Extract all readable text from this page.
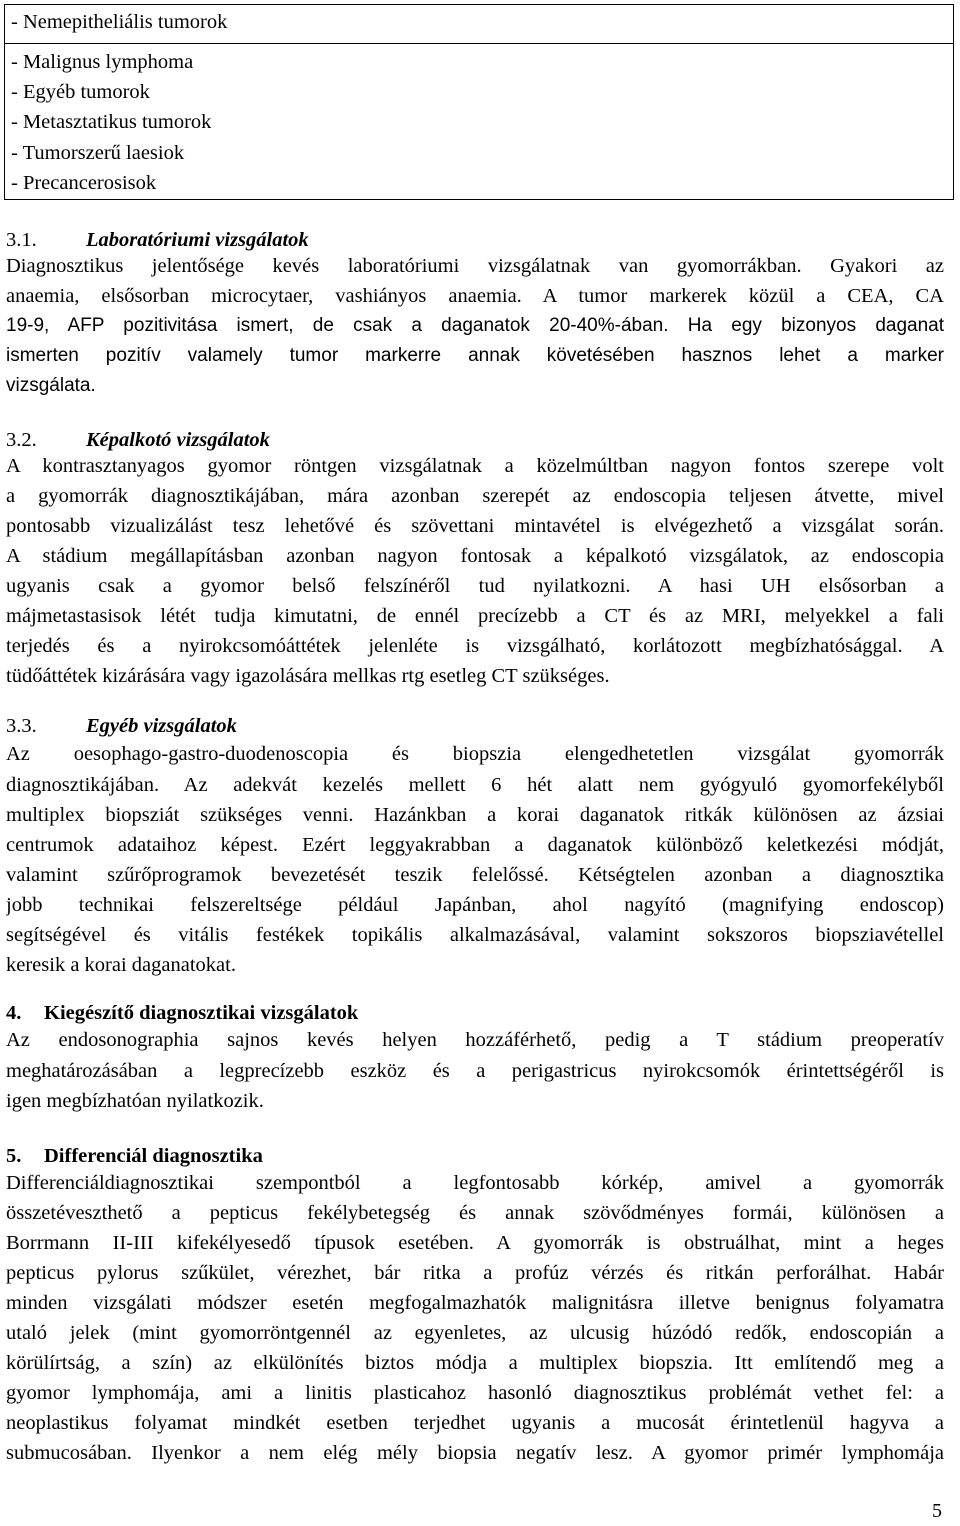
- Nemepitheliális tumorok
- Malignus lymphoma
- Egyéb tumorok
- Metasztatikus tumorok
- Tumorszerű laesiok
- Precancerosisok
3.1. Laboratóriumi vizsgálatok
Diagnosztikus jelentősége kevés laboratóriumi vizsgálatnak van gyomorrákban. Gyakori az
anaemia, elsősorban microcytaer, vashiányos anaemia. A tumor markerek közül a CEA, CA
19-9, AFP pozitivitása ismert, de csak a daganatok 20-40%-ában. Ha egy bizonyos daganat
ismerten pozitív valamely tumor markerre annak követésében hasznos lehet a marker
vizsgálata.
3.2. Képalkotó vizsgálatok
A kontrasztanyagos gyomor röntgen vizsgálatnak a közelmúltban nagyon fontos szerepe volt
a gyomorrák diagnosztikájában, mára azonban szerepét az endoscopia teljesen átvette, mivel
pontosabb vizualizálást tesz lehetővé és szövettani mintavétel is elvégezhető a vizsgálat során.
A stádium megállapításban azonban nagyon fontosak a képalkotó vizsgálatok, az endoscopia
ugyanis csak a gyomor belső felszínéről tud nyilatkozni. A hasi UH elsősorban a
májmetastasisok létét tudja kimutatni, de ennél precízebb a CT és az MRI, melyekkel a fali
terjedés és a nyirokcsomóáttétek jelenléte is vizsgálható, korlátozott megbízhatósággal. A
tüdőáttétek kizárására vagy igazolására mellkas rtg esetleg CT szükséges.
3.3. Egyéb vizsgálatok
Az oesophago-gastro-duodenoscopia és biopszia elengedhetetlen vizsgálat gyomorrák
diagnosztikájában. Az adekvát kezelés mellett 6 hét alatt nem gyógyuló gyomorfekélyből
multiplex biopsziát szükséges venni. Hazánkban a korai daganatok ritkák különösen az ázsiai
centrumok adataihoz képest. Ezért leggyakrabban a daganatok különböző keletkezési módját,
valamint szűrőprogramok bevezetését teszik felelőssé. Kétségtelen azonban a diagnosztika
jobb technikai felszereltsége például Japánban, ahol nagyító (magnifying endoscop)
segítségével és vitális festékek topikális alkalmazásával, valamint sokszoros biopsziavétellel
keresik a korai daganatokat.
4. Kiegészítő diagnosztikai vizsgálatok
Az endosonographia sajnos kevés helyen hozzáférhető, pedig a T stádium preoperatív
meghatározásában a legprecízebb eszköz és a perigastricus nyirokcsomók érintettségéről is
igen megbízhatóan nyilatkozik.
5. Differenciál diagnosztika
Differenciáldiagnosztikai szempontból a legfontosabb kórkép, amivel a gyomorrák
összetéveszthető a pepticus fekélybetegség és annak szövődményes formái, különösen a
Borrmann II-III kifekélyesedő típusok esetében. A gyomorrák is obstruálhat, mint a heges
pepticus pylorus szűkület, vérezhet, bár ritka a profúz vérzés és ritkán perforálhat. Habár
minden vizsgálati módszer esetén megfogalmazhatók malignitásra illetve benignus folyamatra
utaló jelek (mint gyomorröntgennél az egyenletes, az ulcusig húzódó redők, endoscopián a
körülírtság, a szín) az elkülönítés biztos módja a multiplex biopszia. Itt említendő meg a
gyomor lymphomája, ami a linitis plasticahoz hasonló diagnosztikus problémát vethet fel: a
neoplastikus folyamat mindkét esetben terjedhet ugyanis a mucosát érintetlenül hagyva a
submucosában. Ilyenkor a nem elég mély biopsia negatív lesz. A gyomor primér lymphomája
5
